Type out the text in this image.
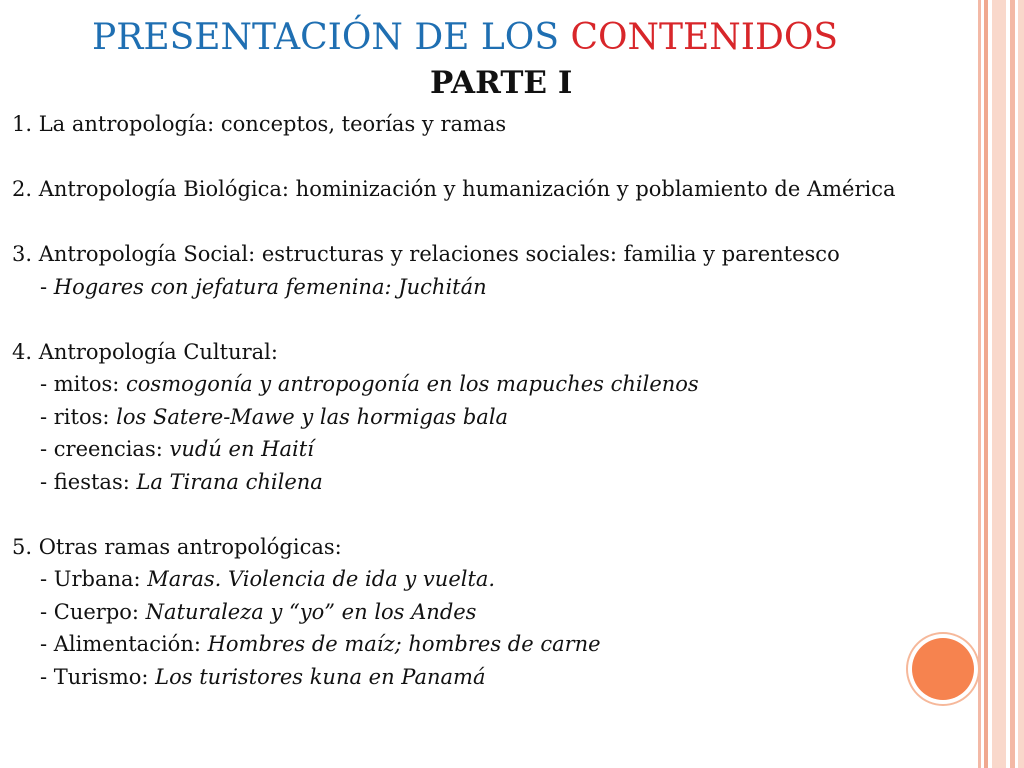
PRESENTACIÓN DE LOS CONTENIDOS
PARTE I
1. La antropología: conceptos, teorías y ramas
2. Antropología Biológica: hominización y humanización y poblamiento de América
3. Antropología Social: estructuras y relaciones sociales: familia y parentesco
- Hogares con jefatura femenina: Juchitán
4. Antropología Cultural:
- mitos: cosmogonía y antropogonía en los mapuches chilenos
- ritos: los Satere-Mawe y las hormigas bala
- creencias: vudú en Haití
- fiestas: La Tirana chilena
5. Otras ramas antropológicas:
- Urbana: Maras. Violencia de ida y vuelta.
- Cuerpo: Naturaleza y “yo” en los Andes
- Alimentación: Hombres de maíz; hombres de carne
- Turismo: Los turistores kuna en Panamá
